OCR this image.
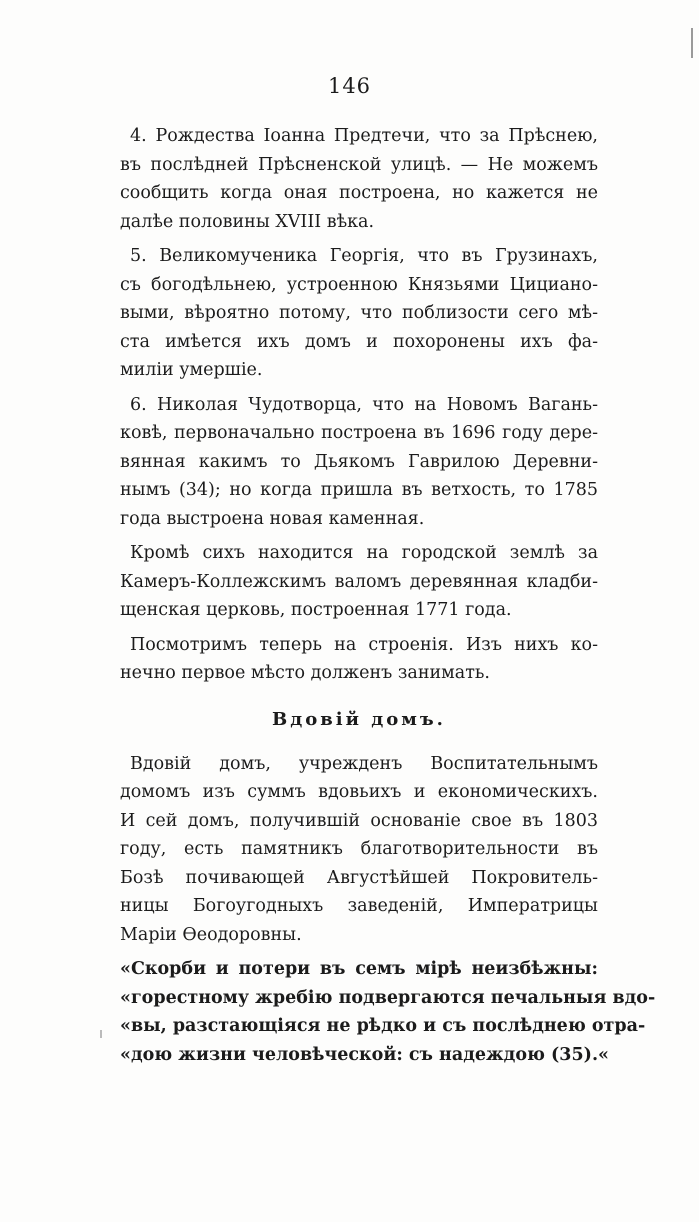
146
4. Рождества Іоанна Предтечи, что за Прѣснею,
въ послѣдней Прѣсненской улицѣ. — Не можемъ
сообщить когда оная построена, но кажется не
далѣе половины XVIII вѣка.
5. Великомученика Георгія, что въ Грузинахъ,
съ богодѣльнею, устроенною Князьями Цициано-
выми, вѣроятно потому, что поблизости сего мѣ-
ста имѣется ихъ домъ и похоронены ихъ фа-
миліи умершіе.
6. Николая Чудотворца, что на Новомъ Вагань-
ковѣ, первоначально построена въ 1696 году дере-
вянная какимъ то Дьякомъ Гаврилою Деревни-
нымъ (34); но когда пришла въ ветхость, то 1785
года выстроена новая каменная.
Кромѣ сихъ находится на городской землѣ за
Камеръ-Коллежскимъ валомъ деревянная кладби-
щенская церковь, построенная 1771 года.
Посмотримъ теперь на строенія. Изъ нихъ ко-
нечно первое мѣсто долженъ занимать.
Вдовій домъ.
Вдовій домъ, учрежденъ Воспитательнымъ
домомъ изъ суммъ вдовьихъ и економическихъ.
И сей домъ, получившій основаніе свое въ 1803
году, есть памятникъ благотворительности въ
Бозѣ почивающей Августѣйшей Покровитель-
ницы Богоугодныхъ заведеній, Императрицы
Маріи Ѳеодоровны.
«Скорби и потери въ семъ мірѣ неизбѣжны:
«горестному жребію подвергаются печальныя вдо-
«вы, разстающіяся не рѣдко и съ послѣднею отра-
«дою жизни человѣческой: съ надеждою (35).«
